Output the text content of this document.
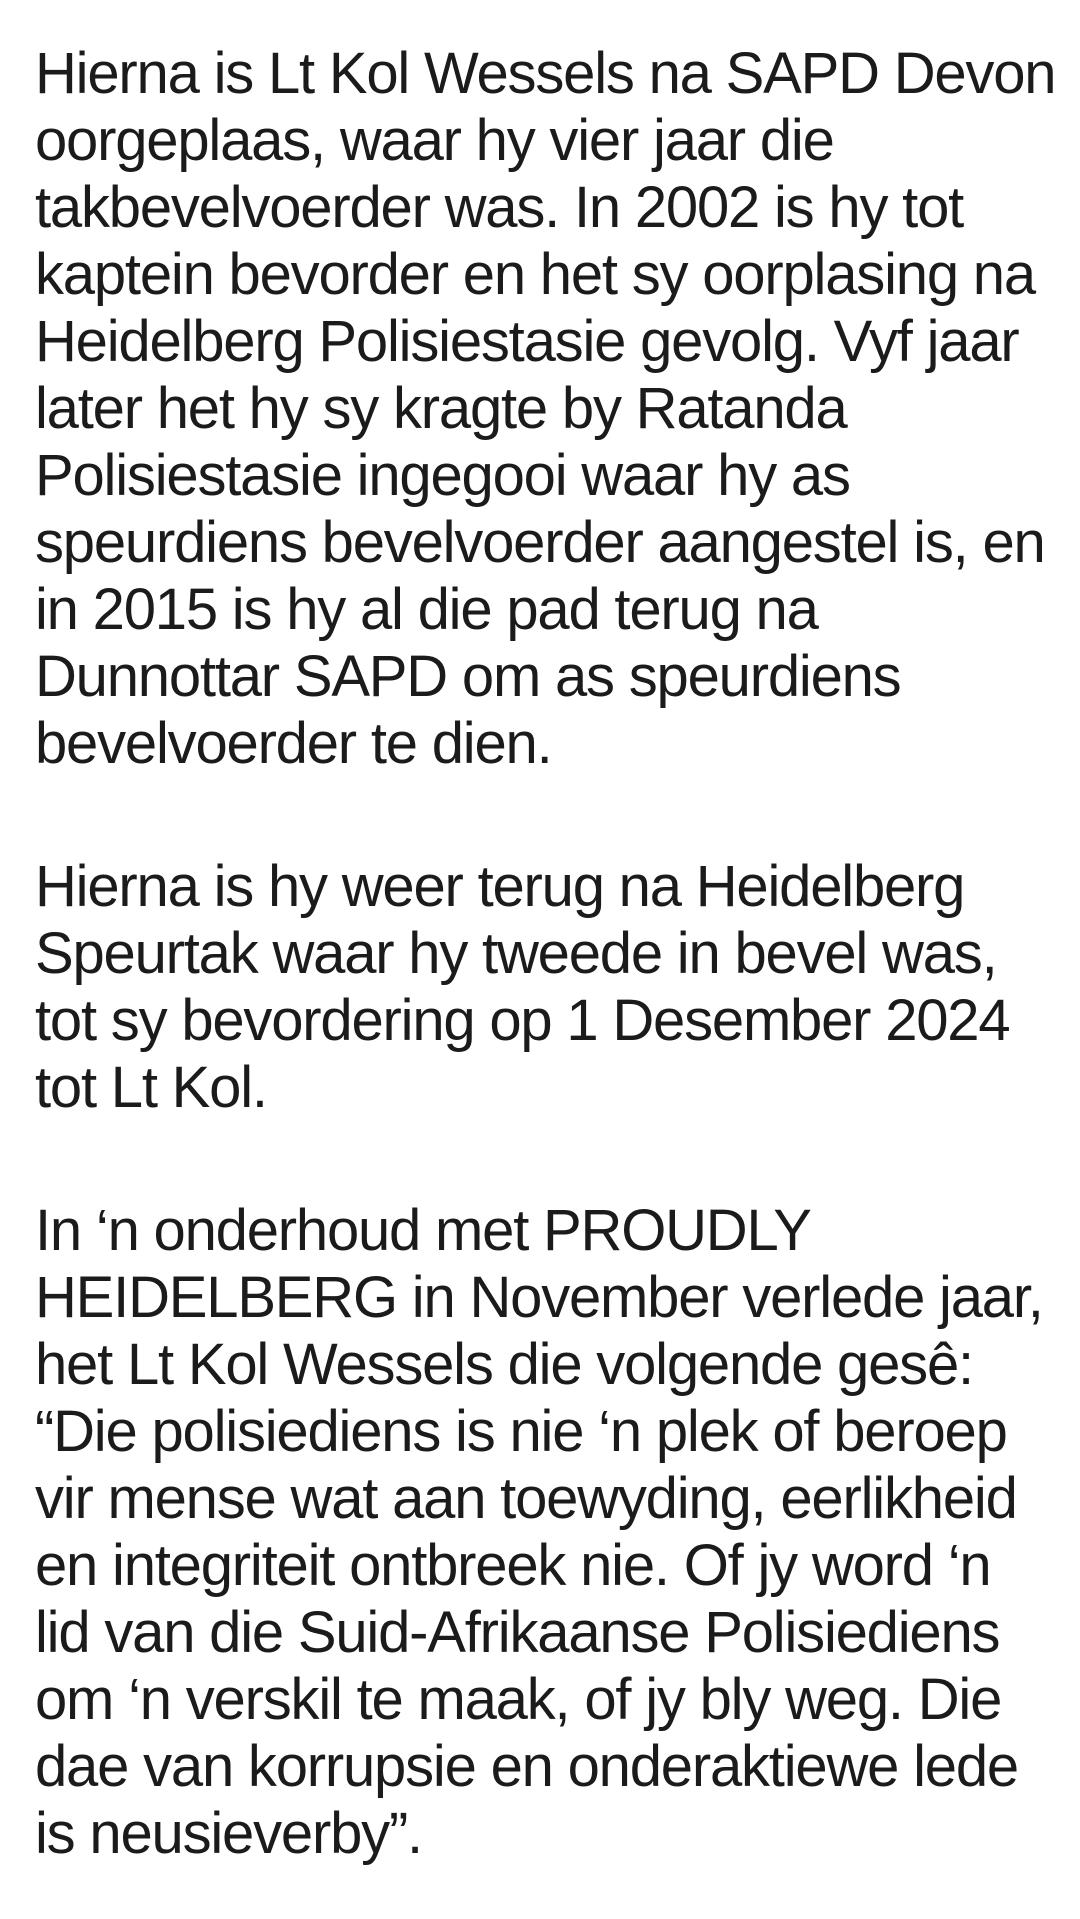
Hierna is Lt Kol Wessels na SAPD Devon
oorgeplaas, waar hy vier jaar die
takbevelvoerder was. In 2002 is hy tot
kaptein bevorder en het sy oorplasing na
Heidelberg Polisiestasie gevolg. Vyf jaar
later het hy sy kragte by Ratanda
Polisiestasie ingegooi waar hy as
speurdiens bevelvoerder aangestel is, en
in 2015 is hy al die pad terug na
Dunnottar SAPD om as speurdiens
bevelvoerder te dien.

Hierna is hy weer terug na Heidelberg
Speurtak waar hy tweede in bevel was,
tot sy bevordering op 1 Desember 2024
tot Lt Kol.

In ‘n onderhoud met PROUDLY
HEIDELBERG in November verlede jaar,
het Lt Kol Wessels die volgende gesê:
“Die polisiediens is nie ‘n plek of beroep
vir mense wat aan toewyding, eerlikheid
en integriteit ontbreek nie. Of jy word ‘n
lid van die Suid-Afrikaanse Polisiediens
om ‘n verskil te maak, of jy bly weg. Die
dae van korrupsie en onderaktiewe lede
is neusieverby”.
